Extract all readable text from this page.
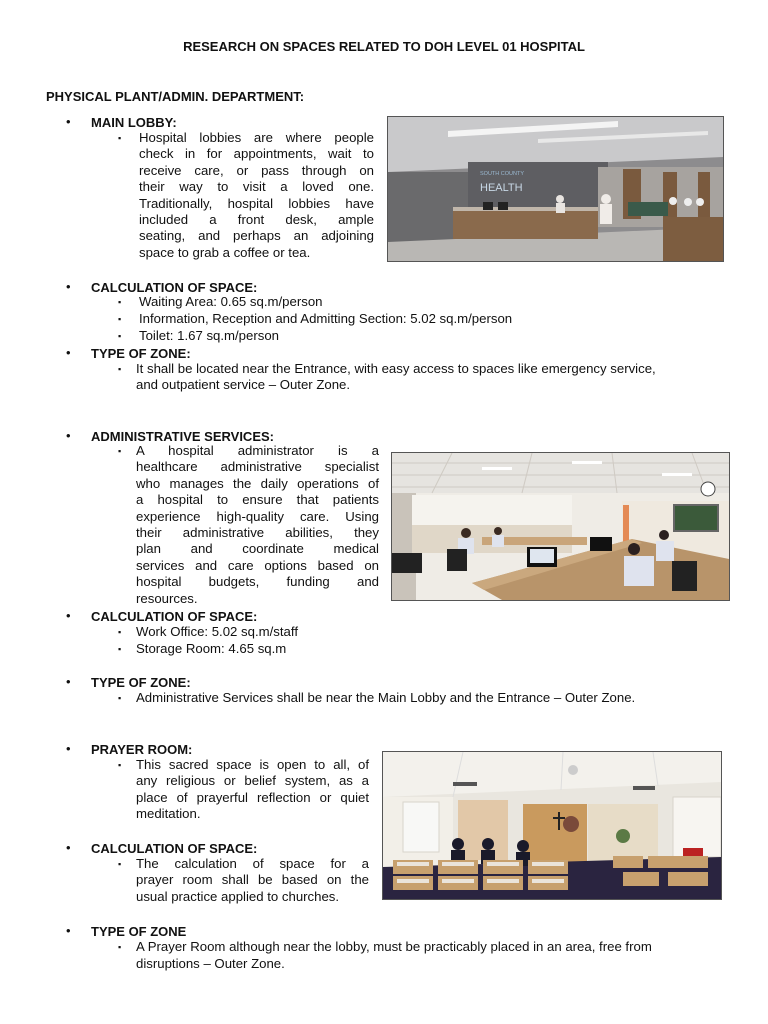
RESEARCH ON SPACES RELATED TO DOH LEVEL 01 HOSPITAL
PHYSICAL PLANT/ADMIN. DEPARTMENT:
• MAIN LOBBY:
▪ Hospital lobbies are where people
check in for appointments, wait to
receive care, or pass through on
their way to visit a loved one.
Traditionally, hospital lobbies have
included a front desk, ample
seating, and perhaps an adjoining
space to grab a coffee or tea.
SOUTH COUNTY
HEALTH
• CALCULATION OF SPACE:
▪ Waiting Area: 0.65 sq.m/person
▪ Information, Reception and Admitting Section: 5.02 sq.m/person
▪ Toilet: 1.67 sq.m/person
• TYPE OF ZONE:
▪ It shall be located near the Entrance, with easy access to spaces like emergency service,
and outpatient service – Outer Zone.
• ADMINISTRATIVE SERVICES:
▪ A hospital administrator is a
healthcare administrative specialist
who manages the daily operations of
a hospital to ensure that patients
experience high-quality care. Using
their administrative abilities, they
plan and coordinate medical
services and care options based on
hospital budgets, funding and
resources.
• CALCULATION OF SPACE:
▪ Work Office: 5.02 sq.m/staff
▪ Storage Room: 4.65 sq.m
• TYPE OF ZONE:
▪ Administrative Services shall be near the Main Lobby and the Entrance – Outer Zone.
• PRAYER ROOM:
▪ This sacred space is open to all, of
any religious or belief system, as a
place of prayerful reflection or quiet
meditation.
• CALCULATION OF SPACE:
▪ The calculation of space for a
prayer room shall be based on the
usual practice applied to churches.
• TYPE OF ZONE
▪ A Prayer Room although near the lobby, must be practicably placed in an area, free from
disruptions – Outer Zone.
